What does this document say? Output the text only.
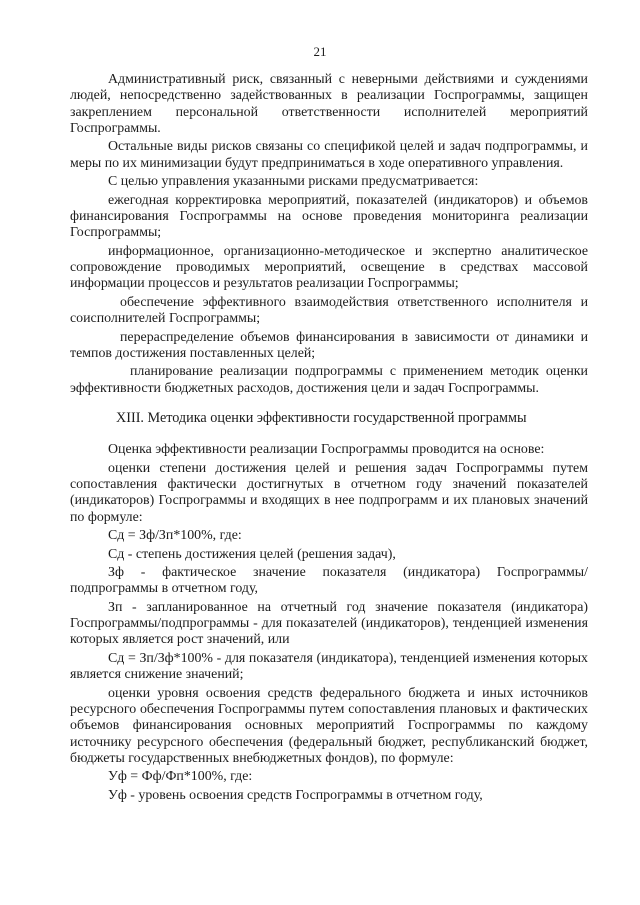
21

Административный риск, связанный с неверными действиями и суждениями людей, непосредственно задействованных в реализации Госпрограммы, защищен закреплением персональной ответственности исполнителей мероприятий Госпрограммы.

Остальные виды рисков связаны со спецификой целей и задач подпрограммы, и меры по их минимизации будут предприниматься в ходе оперативного управления.

С целью управления указанными рисками предусматривается:

ежегодная корректировка мероприятий, показателей (индикаторов) и объемов финансирования Госпрограммы на основе проведения мониторинга реализации Госпрограммы;

информационное, организационно-методическое и экспертно аналитическое сопровождение проводимых мероприятий, освещение в средствах массовой информации процессов и результатов реализации Госпрограммы;

обеспечение эффективного взаимодействия ответственного исполнителя и соисполнителей Госпрограммы;

перераспределение объемов финансирования в зависимости от динамики и темпов достижения поставленных целей;

планирование реализации подпрограммы с применением методик оценки эффективности бюджетных расходов, достижения цели и задач Госпрограммы.

XIII. Методика оценки эффективности государственной программы

Оценка эффективности реализации Госпрограммы проводится на основе:

оценки степени достижения целей и решения задач Госпрограммы путем сопоставления фактически достигнутых в отчетном году значений показателей (индикаторов) Госпрограммы и входящих в нее подпрограмм и их плановых значений по формуле:

Сд = Зф/Зп*100%, где:

Сд - степень достижения целей (решения задач),

Зф - фактическое значение показателя (индикатора) Госпрограммы/подпрограммы в отчетном году,

Зп - запланированное на отчетный год значение показателя (индикатора) Госпрограммы/подпрограммы - для показателей (индикаторов), тенденцией изменения которых является рост значений, или

Сд = Зп/Зф*100% - для показателя (индикатора), тенденцией изменения которых является снижение значений;

оценки уровня освоения средств федерального бюджета и иных источников ресурсного обеспечения Госпрограммы путем сопоставления плановых и фактических объемов финансирования основных мероприятий Госпрограммы по каждому источнику ресурсного обеспечения (федеральный бюджет, республиканский бюджет, бюджеты государственных внебюджетных фондов), по формуле:

Уф = Фф/Фп*100%, где:

Уф - уровень освоения средств Госпрограммы в отчетном году,
